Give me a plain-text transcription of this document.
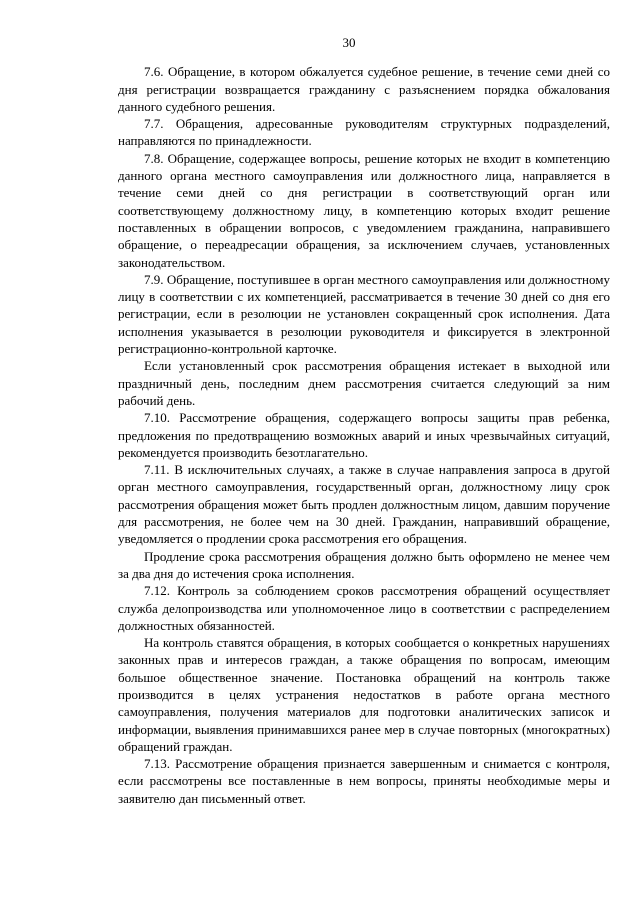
30

7.6. Обращение, в котором обжалуется судебное решение, в течение семи дней со дня регистрации возвращается гражданину с разъяснением порядка обжалования данного судебного решения.

7.7. Обращения, адресованные руководителям структурных подразделений, направляются по принадлежности.

7.8. Обращение, содержащее вопросы, решение которых не входит в компетенцию данного органа местного самоуправления или должностного лица, направляется в течение семи дней со дня регистрации в соответствующий орган или соответствующему должностному лицу, в компетенцию которых входит решение поставленных в обращении вопросов, с уведомлением гражданина, направившего обращение, о переадресации обращения, за исключением случаев, установленных законодательством.

7.9. Обращение, поступившее в орган местного самоуправления или должностному лицу в соответствии с их компетенцией, рассматривается в течение 30 дней со дня его регистрации, если в резолюции не установлен сокращенный срок исполнения. Дата исполнения указывается в резолюции руководителя и фиксируется в электронной регистрационно-контрольной карточке.

Если установленный срок рассмотрения обращения истекает в выходной или праздничный день, последним днем рассмотрения считается следующий за ним рабочий день.

7.10. Рассмотрение обращения, содержащего вопросы защиты прав ребенка, предложения по предотвращению возможных аварий и иных чрезвычайных ситуаций, рекомендуется производить безотлагательно.

7.11. В исключительных случаях, а также в случае направления запроса в другой орган местного самоуправления, государственный орган, должностному лицу срок рассмотрения обращения может быть продлен должностным лицом, давшим поручение для рассмотрения, не более чем на 30 дней. Гражданин, направивший обращение, уведомляется о продлении срока рассмотрения его обращения.

Продление срока рассмотрения обращения должно быть оформлено не менее чем за два дня до истечения срока исполнения.

7.12. Контроль за соблюдением сроков рассмотрения обращений осуществляет служба делопроизводства или уполномоченное лицо в соответствии с распределением должностных обязанностей.

На контроль ставятся обращения, в которых сообщается о конкретных нарушениях законных прав и интересов граждан, а также обращения по вопросам, имеющим большое общественное значение. Постановка обращений на контроль также производится в целях устранения недостатков в работе органа местного самоуправления, получения материалов для подготовки аналитических записок и информации, выявления принимавшихся ранее мер в случае повторных (многократных) обращений граждан.

7.13. Рассмотрение обращения признается завершенным и снимается с контроля, если рассмотрены все поставленные в нем вопросы, приняты необходимые меры и заявителю дан письменный ответ.
